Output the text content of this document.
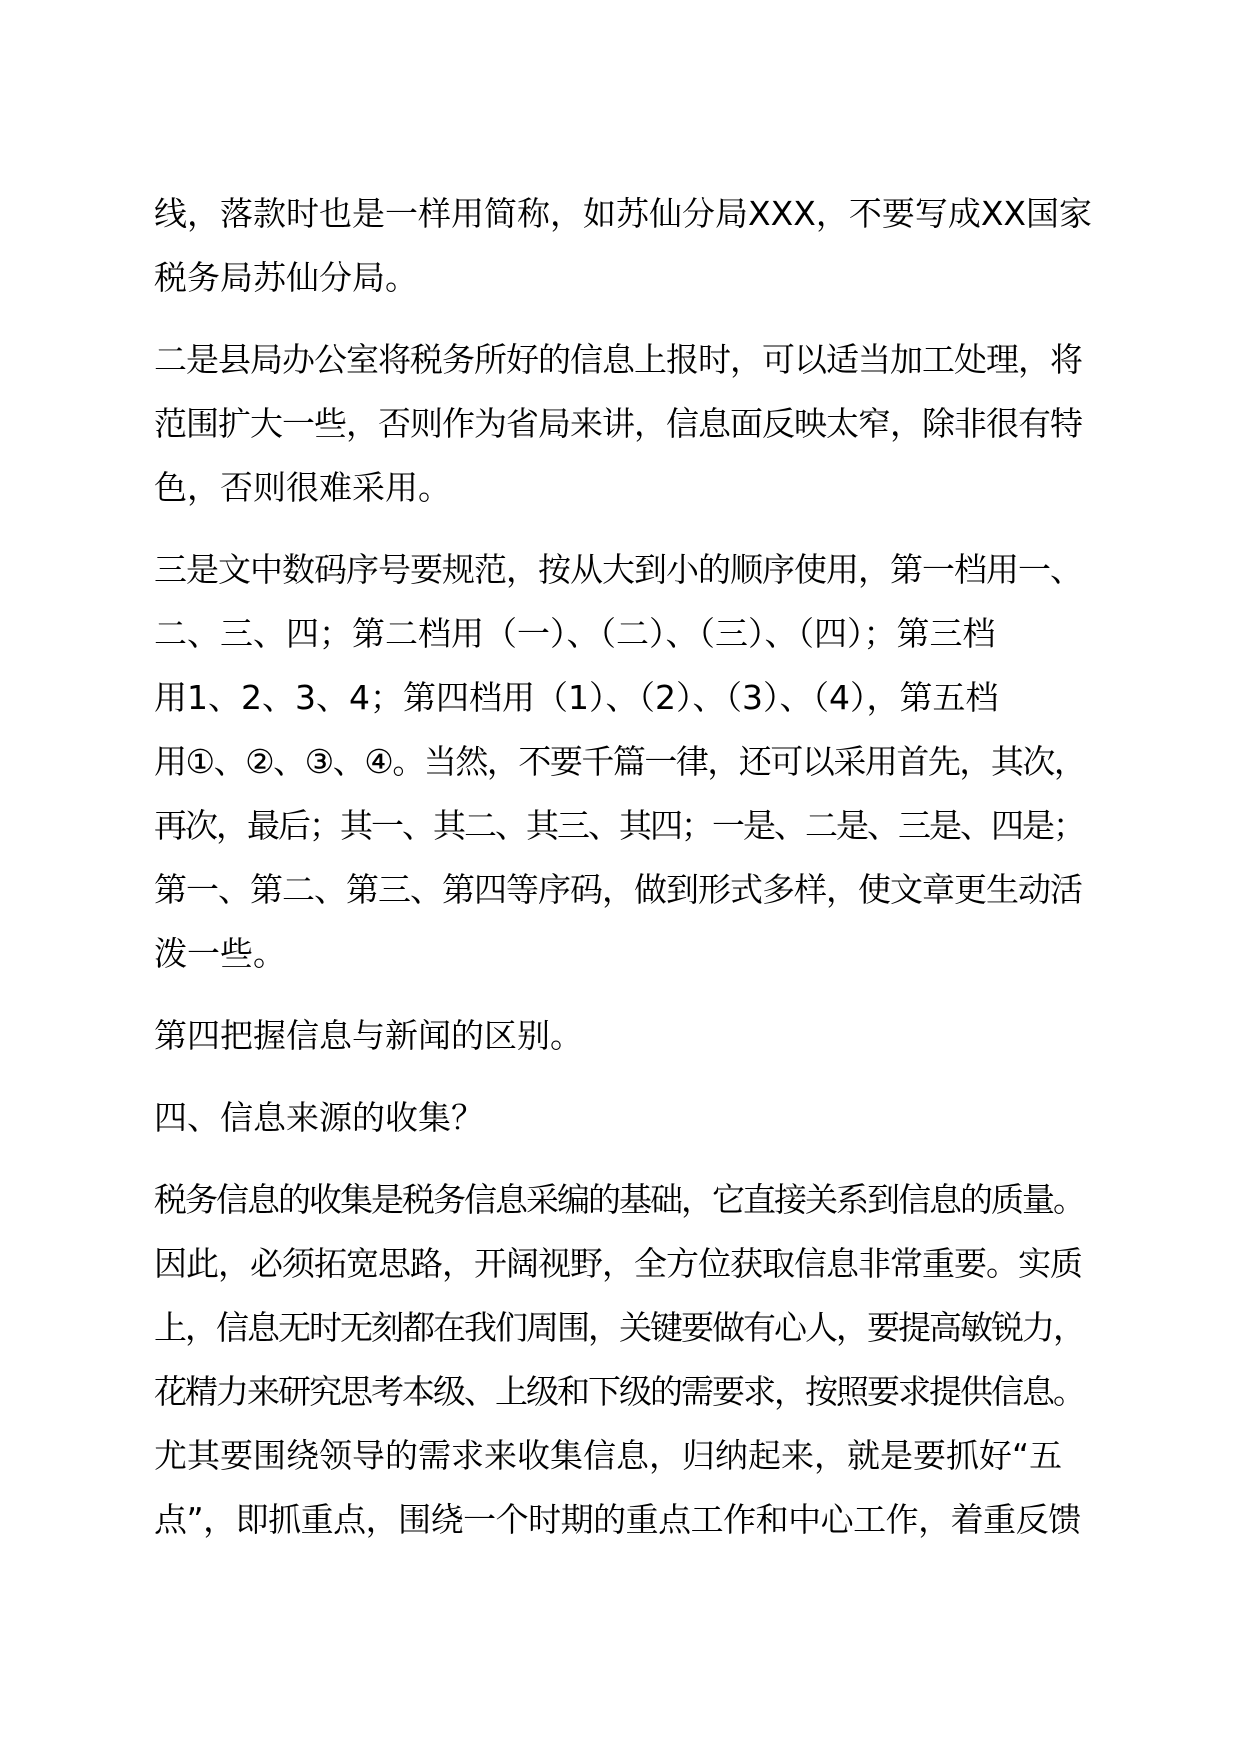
线，落款时也是一样用简称，如苏仙分局XXX，不要写成XX国家
税务局苏仙分局。
二是县局办公室将税务所好的信息上报时，可以适当加工处理，将
范围扩大一些，否则作为省局来讲，信息面反映太窄，除非很有特
色，否则很难采用。
三是文中数码序号要规范，按从大到小的顺序使用，第一档用一、
二、三、四；第二档用（一）、（二）、（三）、（四）；第三档
用1、2、3、4；第四档用（1）、（2）、（3）、（4），第五档
用①、②、③、④。当然，不要千篇一律，还可以采用首先，其次，
再次，最后；其一、其二、其三、其四；一是、二是、三是、四是；
第一、第二、第三、第四等序码，做到形式多样，使文章更生动活
泼一些。
第四把握信息与新闻的区别。
四、信息来源的收集？
税务信息的收集是税务信息采编的基础，它直接关系到信息的质量。
因此，必须拓宽思路，开阔视野，全方位获取信息非常重要。实质
上，信息无时无刻都在我们周围，关键要做有心人，要提高敏锐力，
花精力来研究思考本级、上级和下级的需要求，按照要求提供信息。
尤其要围绕领导的需求来收集信息，归纳起来，就是要抓好“五
点”，即抓重点，围绕一个时期的重点工作和中心工作，着重反馈
